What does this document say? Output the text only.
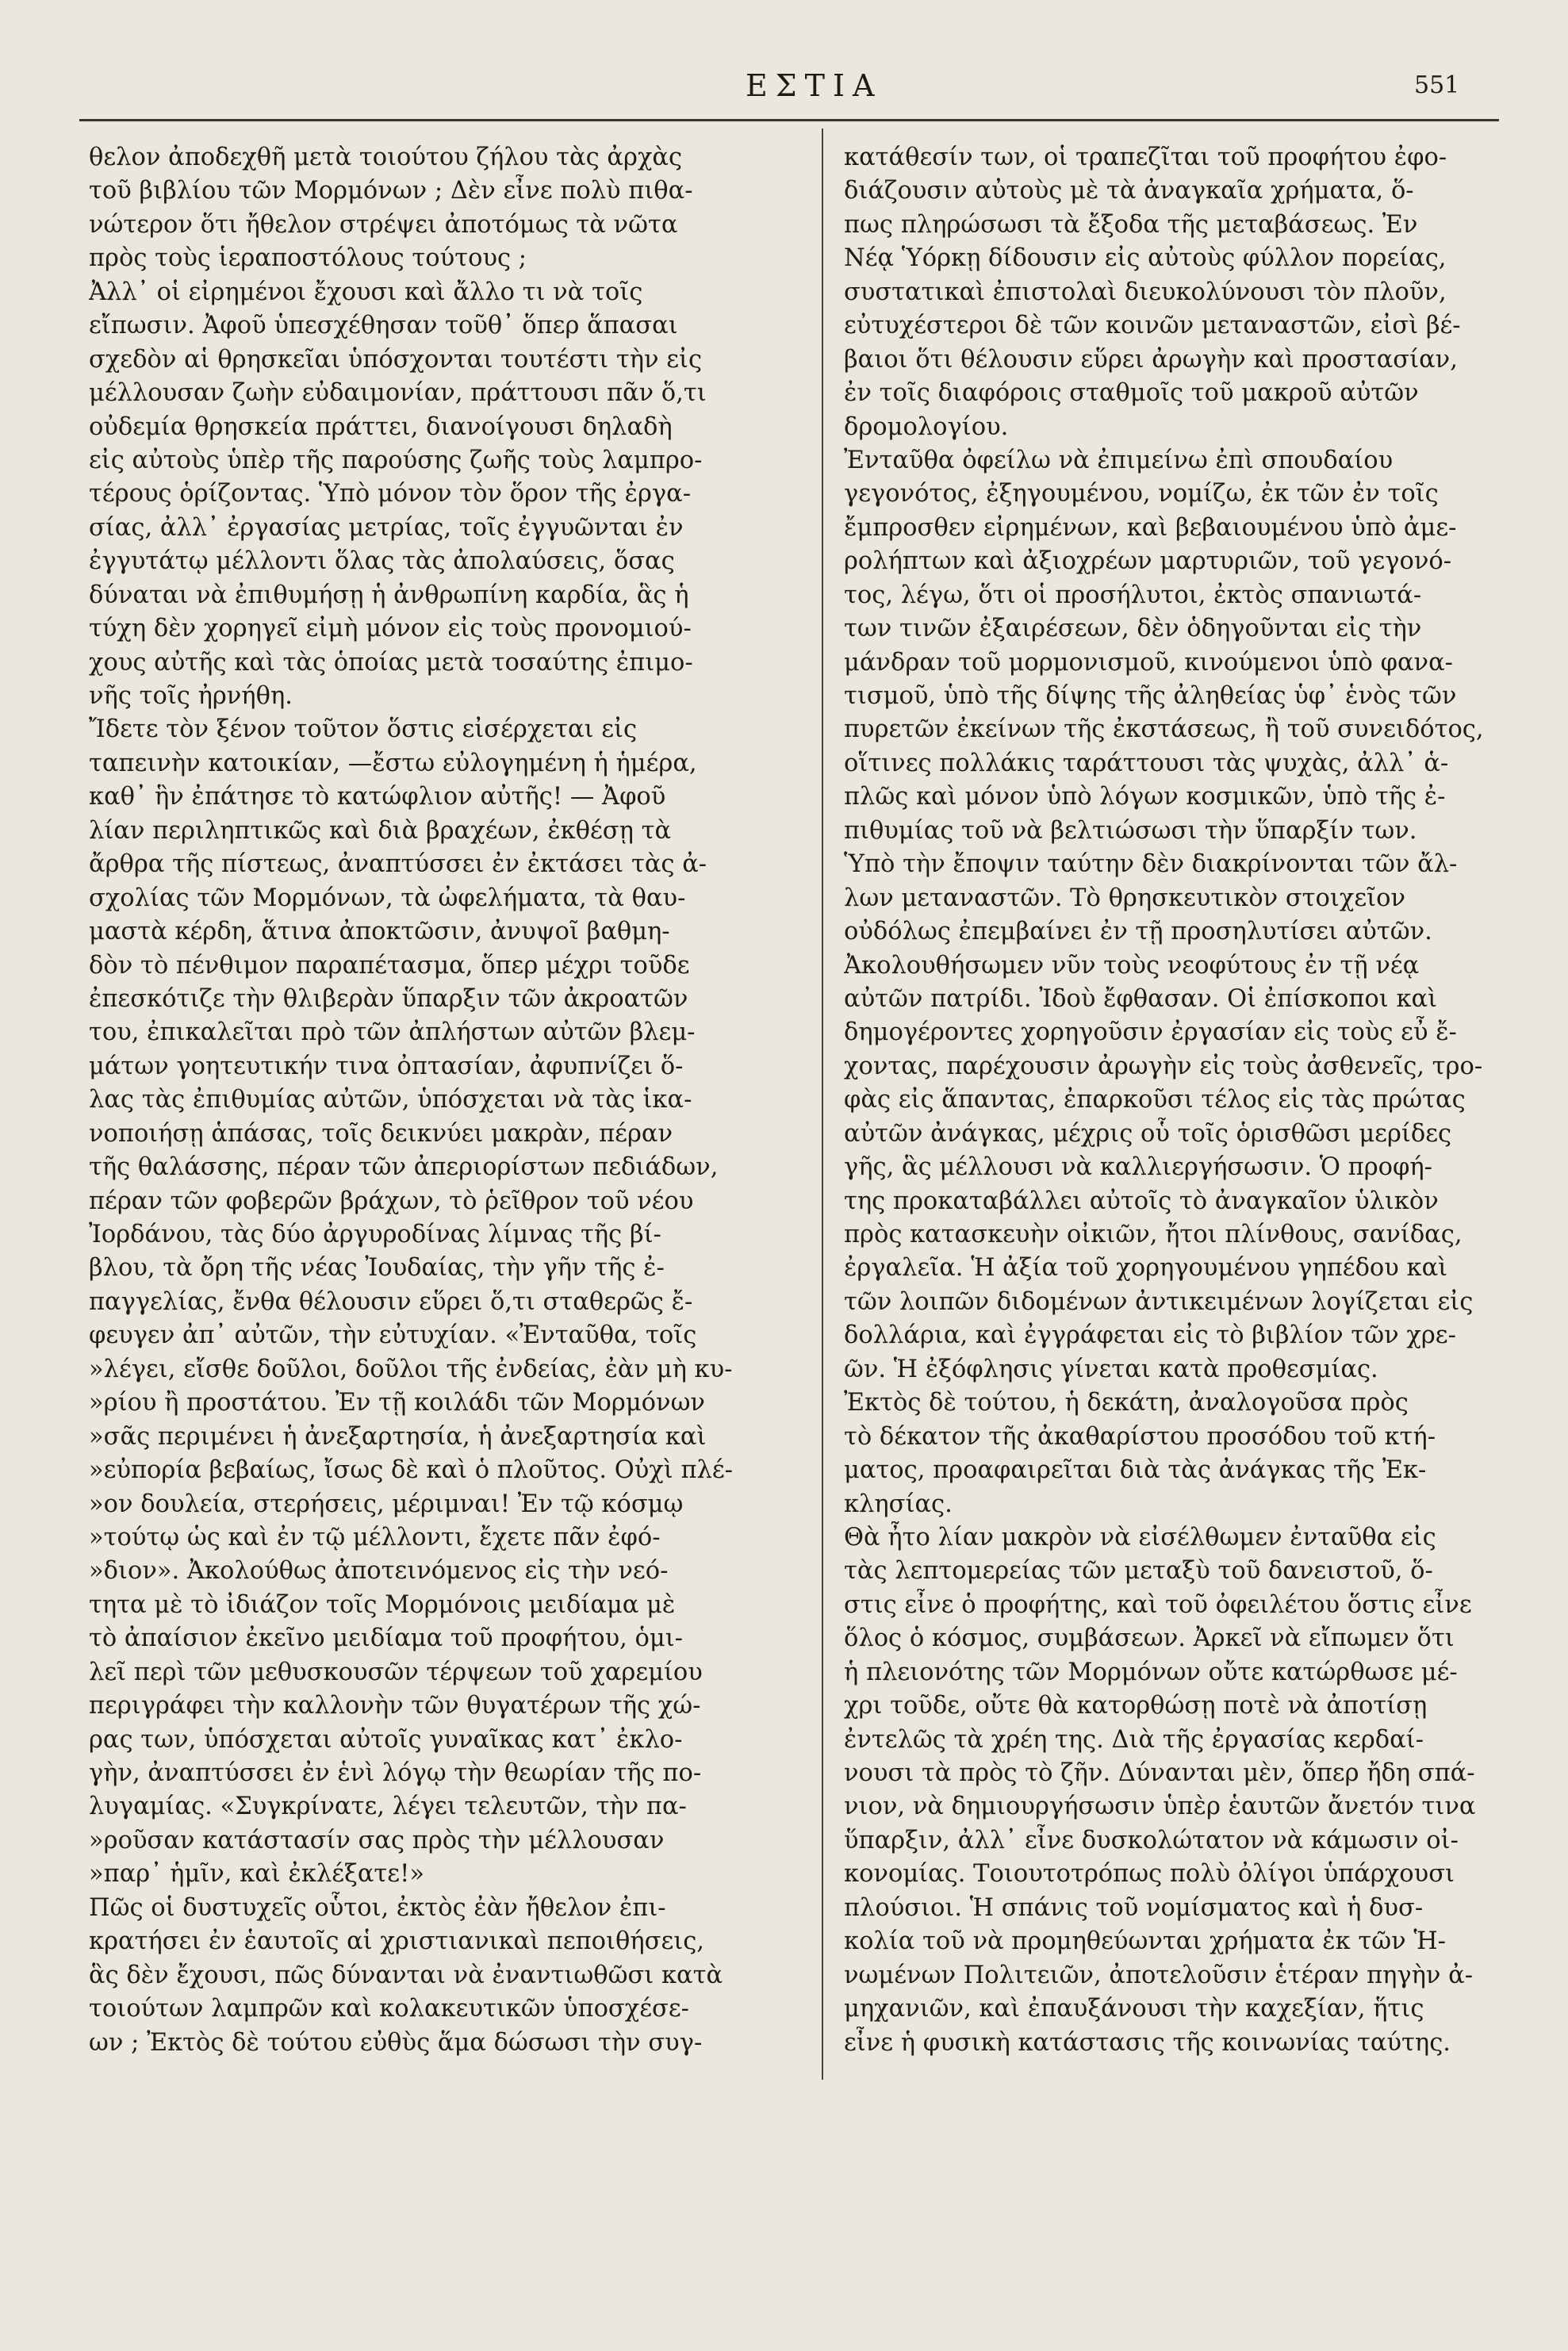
ΕΣΤΙΑ	551
θελον ἀποδεχθῆ μετὰ τοιούτου ζήλου τὰς ἀρχὰς
τοῦ βιβλίου τῶν Μορμόνων ; Δὲν εἶνε πολὺ πιθα-
νώτερον ὅτι ἤθελον στρέψει ἀποτόμως τὰ νῶτα
πρὸς τοὺς ἱεραποστόλους τούτους ;
Ἀλλ᾽ οἱ εἰρημένοι ἔχουσι καὶ ἄλλο τι νὰ τοῖς
εἴπωσιν. Ἀφοῦ ὑπεσχέθησαν τοῦθ᾽ ὅπερ ἅπασαι
σχεδὸν αἱ θρησκεῖαι ὑπόσχονται τουτέστι τὴν εἰς
μέλλουσαν ζωὴν εὐδαιμονίαν, πράττουσι πᾶν ὅ,τι
οὐδεμία θρησκεία πράττει, διανοίγουσι δηλαδὴ
εἰς αὐτοὺς ὑπὲρ τῆς παρούσης ζωῆς τοὺς λαμπρο-
τέρους ὁρίζοντας. Ὑπὸ μόνον τὸν ὅρον τῆς ἐργα-
σίας, ἀλλ᾽ ἐργασίας μετρίας, τοῖς ἐγγυῶνται ἐν
ἐγγυτάτῳ μέλλοντι ὅλας τὰς ἀπολαύσεις, ὅσας
δύναται νὰ ἐπιθυμήσῃ ἡ ἀνθρωπίνη καρδία, ἃς ἡ
τύχη δὲν χορηγεῖ εἰμὴ μόνον εἰς τοὺς προνομιού-
χους αὐτῆς καὶ τὰς ὁποίας μετὰ τοσαύτης ἐπιμο-
νῆς τοῖς ἠρνήθη.
Ἴδετε τὸν ξένον τοῦτον ὅστις εἰσέρχεται εἰς
ταπεινὴν κατοικίαν, —ἔστω εὐλογημένη ἡ ἡμέρα,
καθ᾽ ἣν ἐπάτησε τὸ κατώφλιον αὐτῆς! — Ἀφοῦ
λίαν περιληπτικῶς καὶ διὰ βραχέων, ἐκθέσῃ τὰ
ἄρθρα τῆς πίστεως, ἀναπτύσσει ἐν ἐκτάσει τὰς ἀ-
σχολίας τῶν Μορμόνων, τὰ ὠφελήματα, τὰ θαυ-
μαστὰ κέρδη, ἅτινα ἀποκτῶσιν, ἀνυψοῖ βαθμη-
δὸν τὸ πένθιμον παραπέτασμα, ὅπερ μέχρι τοῦδε
ἐπεσκότιζε τὴν θλιβερὰν ὕπαρξιν τῶν ἀκροατῶν
του, ἐπικαλεῖται πρὸ τῶν ἀπλήστων αὐτῶν βλεμ-
μάτων γοητευτικήν τινα ὀπτασίαν, ἀφυπνίζει ὅ-
λας τὰς ἐπιθυμίας αὐτῶν, ὑπόσχεται νὰ τὰς ἱκα-
νοποιήσῃ ἁπάσας, τοῖς δεικνύει μακρὰν, πέραν
τῆς θαλάσσης, πέραν τῶν ἀπεριορίστων πεδιάδων,
πέραν τῶν φοβερῶν βράχων, τὸ ῥεῖθρον τοῦ νέου
Ἰορδάνου, τὰς δύο ἀργυροδίνας λίμνας τῆς βί-
βλου, τὰ ὄρη τῆς νέας Ἰουδαίας, τὴν γῆν τῆς ἐ-
παγγελίας, ἔνθα θέλουσιν εὕρει ὅ,τι σταθερῶς ἔ-
φευγεν ἀπ᾽ αὐτῶν, τὴν εὐτυχίαν. «Ἐνταῦθα, τοῖς
»λέγει, εἴσθε δοῦλοι, δοῦλοι τῆς ἐνδείας, ἐὰν μὴ κυ-
»ρίου ἢ προστάτου. Ἐν τῇ κοιλάδι τῶν Μορμόνων
»σᾶς περιμένει ἡ ἀνεξαρτησία, ἡ ἀνεξαρτησία καὶ
»εὐπορία βεβαίως, ἴσως δὲ καὶ ὁ πλοῦτος. Οὐχὶ πλέ-
»ον δουλεία, στερήσεις, μέριμναι! Ἐν τῷ κόσμῳ
»τούτῳ ὡς καὶ ἐν τῷ μέλλοντι, ἔχετε πᾶν ἐφό-
»διον». Ἀκολούθως ἀποτεινόμενος εἰς τὴν νεό-
τητα μὲ τὸ ἰδιάζον τοῖς Μορμόνοις μειδίαμα μὲ
τὸ ἀπαίσιον ἐκεῖνο μειδίαμα τοῦ προφήτου, ὁμι-
λεῖ περὶ τῶν μεθυσκουσῶν τέρψεων τοῦ χαρεμίου
περιγράφει τὴν καλλονὴν τῶν θυγατέρων τῆς χώ-
ρας των, ὑπόσχεται αὐτοῖς γυναῖκας κατ᾽ ἐκλο-
γὴν, ἀναπτύσσει ἐν ἑνὶ λόγῳ τὴν θεωρίαν τῆς πο-
λυγαμίας. «Συγκρίνατε, λέγει τελευτῶν, τὴν πα-
»ροῦσαν κατάστασίν σας πρὸς τὴν μέλλουσαν
»παρ᾽ ἡμῖν, καὶ ἐκλέξατε!»
Πῶς οἱ δυστυχεῖς οὗτοι, ἐκτὸς ἐὰν ἤθελον ἐπι-
κρατήσει ἐν ἑαυτοῖς αἱ χριστιανικαὶ πεποιθήσεις,
ἃς δὲν ἔχουσι, πῶς δύνανται νὰ ἐναντιωθῶσι κατὰ
τοιούτων λαμπρῶν καὶ κολακευτικῶν ὑποσχέσε-
ων ; Ἐκτὸς δὲ τούτου εὐθὺς ἅμα δώσωσι τὴν συγ-
κατάθεσίν των, οἱ τραπεζῖται τοῦ προφήτου ἐφο-
διάζουσιν αὐτοὺς μὲ τὰ ἀναγκαῖα χρήματα, ὅ-
πως πληρώσωσι τὰ ἔξοδα τῆς μεταβάσεως. Ἐν
Νέᾳ Ὑόρκῃ δίδουσιν εἰς αὐτοὺς φύλλον πορείας,
συστατικαὶ ἐπιστολαὶ διευκολύνουσι τὸν πλοῦν,
εὐτυχέστεροι δὲ τῶν κοινῶν μεταναστῶν, εἰσὶ βέ-
βαιοι ὅτι θέλουσιν εὕρει ἀρωγὴν καὶ προστασίαν,
ἐν τοῖς διαφόροις σταθμοῖς τοῦ μακροῦ αὐτῶν
δρομολογίου.
Ἐνταῦθα ὀφείλω νὰ ἐπιμείνω ἐπὶ σπουδαίου
γεγονότος, ἐξηγουμένου, νομίζω, ἐκ τῶν ἐν τοῖς
ἔμπροσθεν εἰρημένων, καὶ βεβαιουμένου ὑπὸ ἀμε-
ρολήπτων καὶ ἀξιοχρέων μαρτυριῶν, τοῦ γεγονό-
τος, λέγω, ὅτι οἱ προσήλυτοι, ἐκτὸς σπανιωτά-
των τινῶν ἐξαιρέσεων, δὲν ὁδηγοῦνται εἰς τὴν
μάνδραν τοῦ μορμονισμοῦ, κινούμενοι ὑπὸ φανα-
τισμοῦ, ὑπὸ τῆς δίψης τῆς ἀληθείας ὑφ᾽ ἑνὸς τῶν
πυρετῶν ἐκείνων τῆς ἐκστάσεως, ἢ τοῦ συνειδότος,
οἵτινες πολλάκις ταράττουσι τὰς ψυχὰς, ἀλλ᾽ ἁ-
πλῶς καὶ μόνον ὑπὸ λόγων κοσμικῶν, ὑπὸ τῆς ἐ-
πιθυμίας τοῦ νὰ βελτιώσωσι τὴν ὕπαρξίν των.
Ὑπὸ τὴν ἔποψιν ταύτην δὲν διακρίνονται τῶν ἄλ-
λων μεταναστῶν. Τὸ θρησκευτικὸν στοιχεῖον
οὐδόλως ἐπεμβαίνει ἐν τῇ προσηλυτίσει αὐτῶν.
Ἀκολουθήσωμεν νῦν τοὺς νεοφύτους ἐν τῇ νέᾳ
αὐτῶν πατρίδι. Ἰδοὺ ἔφθασαν. Οἱ ἐπίσκοποι καὶ
δημογέροντες χορηγοῦσιν ἐργασίαν εἰς τοὺς εὖ ἔ-
χοντας, παρέχουσιν ἀρωγὴν εἰς τοὺς ἀσθενεῖς, τρο-
φὰς εἰς ἅπαντας, ἐπαρκοῦσι τέλος εἰς τὰς πρώτας
αὐτῶν ἀνάγκας, μέχρις οὗ τοῖς ὁρισθῶσι μερίδες
γῆς, ἃς μέλλουσι νὰ καλλιεργήσωσιν. Ὁ προφή-
της προκαταβάλλει αὐτοῖς τὸ ἀναγκαῖον ὑλικὸν
πρὸς κατασκευὴν οἰκιῶν, ἤτοι πλίνθους, σανίδας,
ἐργαλεῖα. Ἡ ἀξία τοῦ χορηγουμένου γηπέδου καὶ
τῶν λοιπῶν διδομένων ἀντικειμένων λογίζεται εἰς
δολλάρια, καὶ ἐγγράφεται εἰς τὸ βιβλίον τῶν χρε-
ῶν. Ἡ ἐξόφλησις γίνεται κατὰ προθεσμίας.
Ἐκτὸς δὲ τούτου, ἡ δεκάτη, ἀναλογοῦσα πρὸς
τὸ δέκατον τῆς ἀκαθαρίστου προσόδου τοῦ κτή-
ματος, προαφαιρεῖται διὰ τὰς ἀνάγκας τῆς Ἐκ-
κλησίας.
Θὰ ἦτο λίαν μακρὸν νὰ εἰσέλθωμεν ἐνταῦθα εἰς
τὰς λεπτομερείας τῶν μεταξὺ τοῦ δανειστοῦ, ὅ-
στις εἶνε ὁ προφήτης, καὶ τοῦ ὀφειλέτου ὅστις εἶνε
ὅλος ὁ κόσμος, συμβάσεων. Ἀρκεῖ νὰ εἴπωμεν ὅτι
ἡ πλειονότης τῶν Μορμόνων οὔτε κατώρθωσε μέ-
χρι τοῦδε, οὔτε θὰ κατορθώσῃ ποτὲ νὰ ἀποτίσῃ
ἐντελῶς τὰ χρέη της. Διὰ τῆς ἐργασίας κερδαί-
νουσι τὰ πρὸς τὸ ζῆν. Δύνανται μὲν, ὅπερ ἤδη σπά-
νιον, νὰ δημιουργήσωσιν ὑπὲρ ἑαυτῶν ἄνετόν τινα
ὕπαρξιν, ἀλλ᾽ εἶνε δυσκολώτατον νὰ κάμωσιν οἰ-
κονομίας. Τοιουτοτρόπως πολὺ ὀλίγοι ὑπάρχουσι
πλούσιοι. Ἡ σπάνις τοῦ νομίσματος καὶ ἡ δυσ-
κολία τοῦ νὰ προμηθεύωνται χρήματα ἐκ τῶν Ἡ-
νωμένων Πολιτειῶν, ἀποτελοῦσιν ἑτέραν πηγὴν ἀ-
μηχανιῶν, καὶ ἐπαυξάνουσι τὴν καχεξίαν, ἥτις
εἶνε ἡ φυσικὴ κατάστασις τῆς κοινωνίας ταύτης.
